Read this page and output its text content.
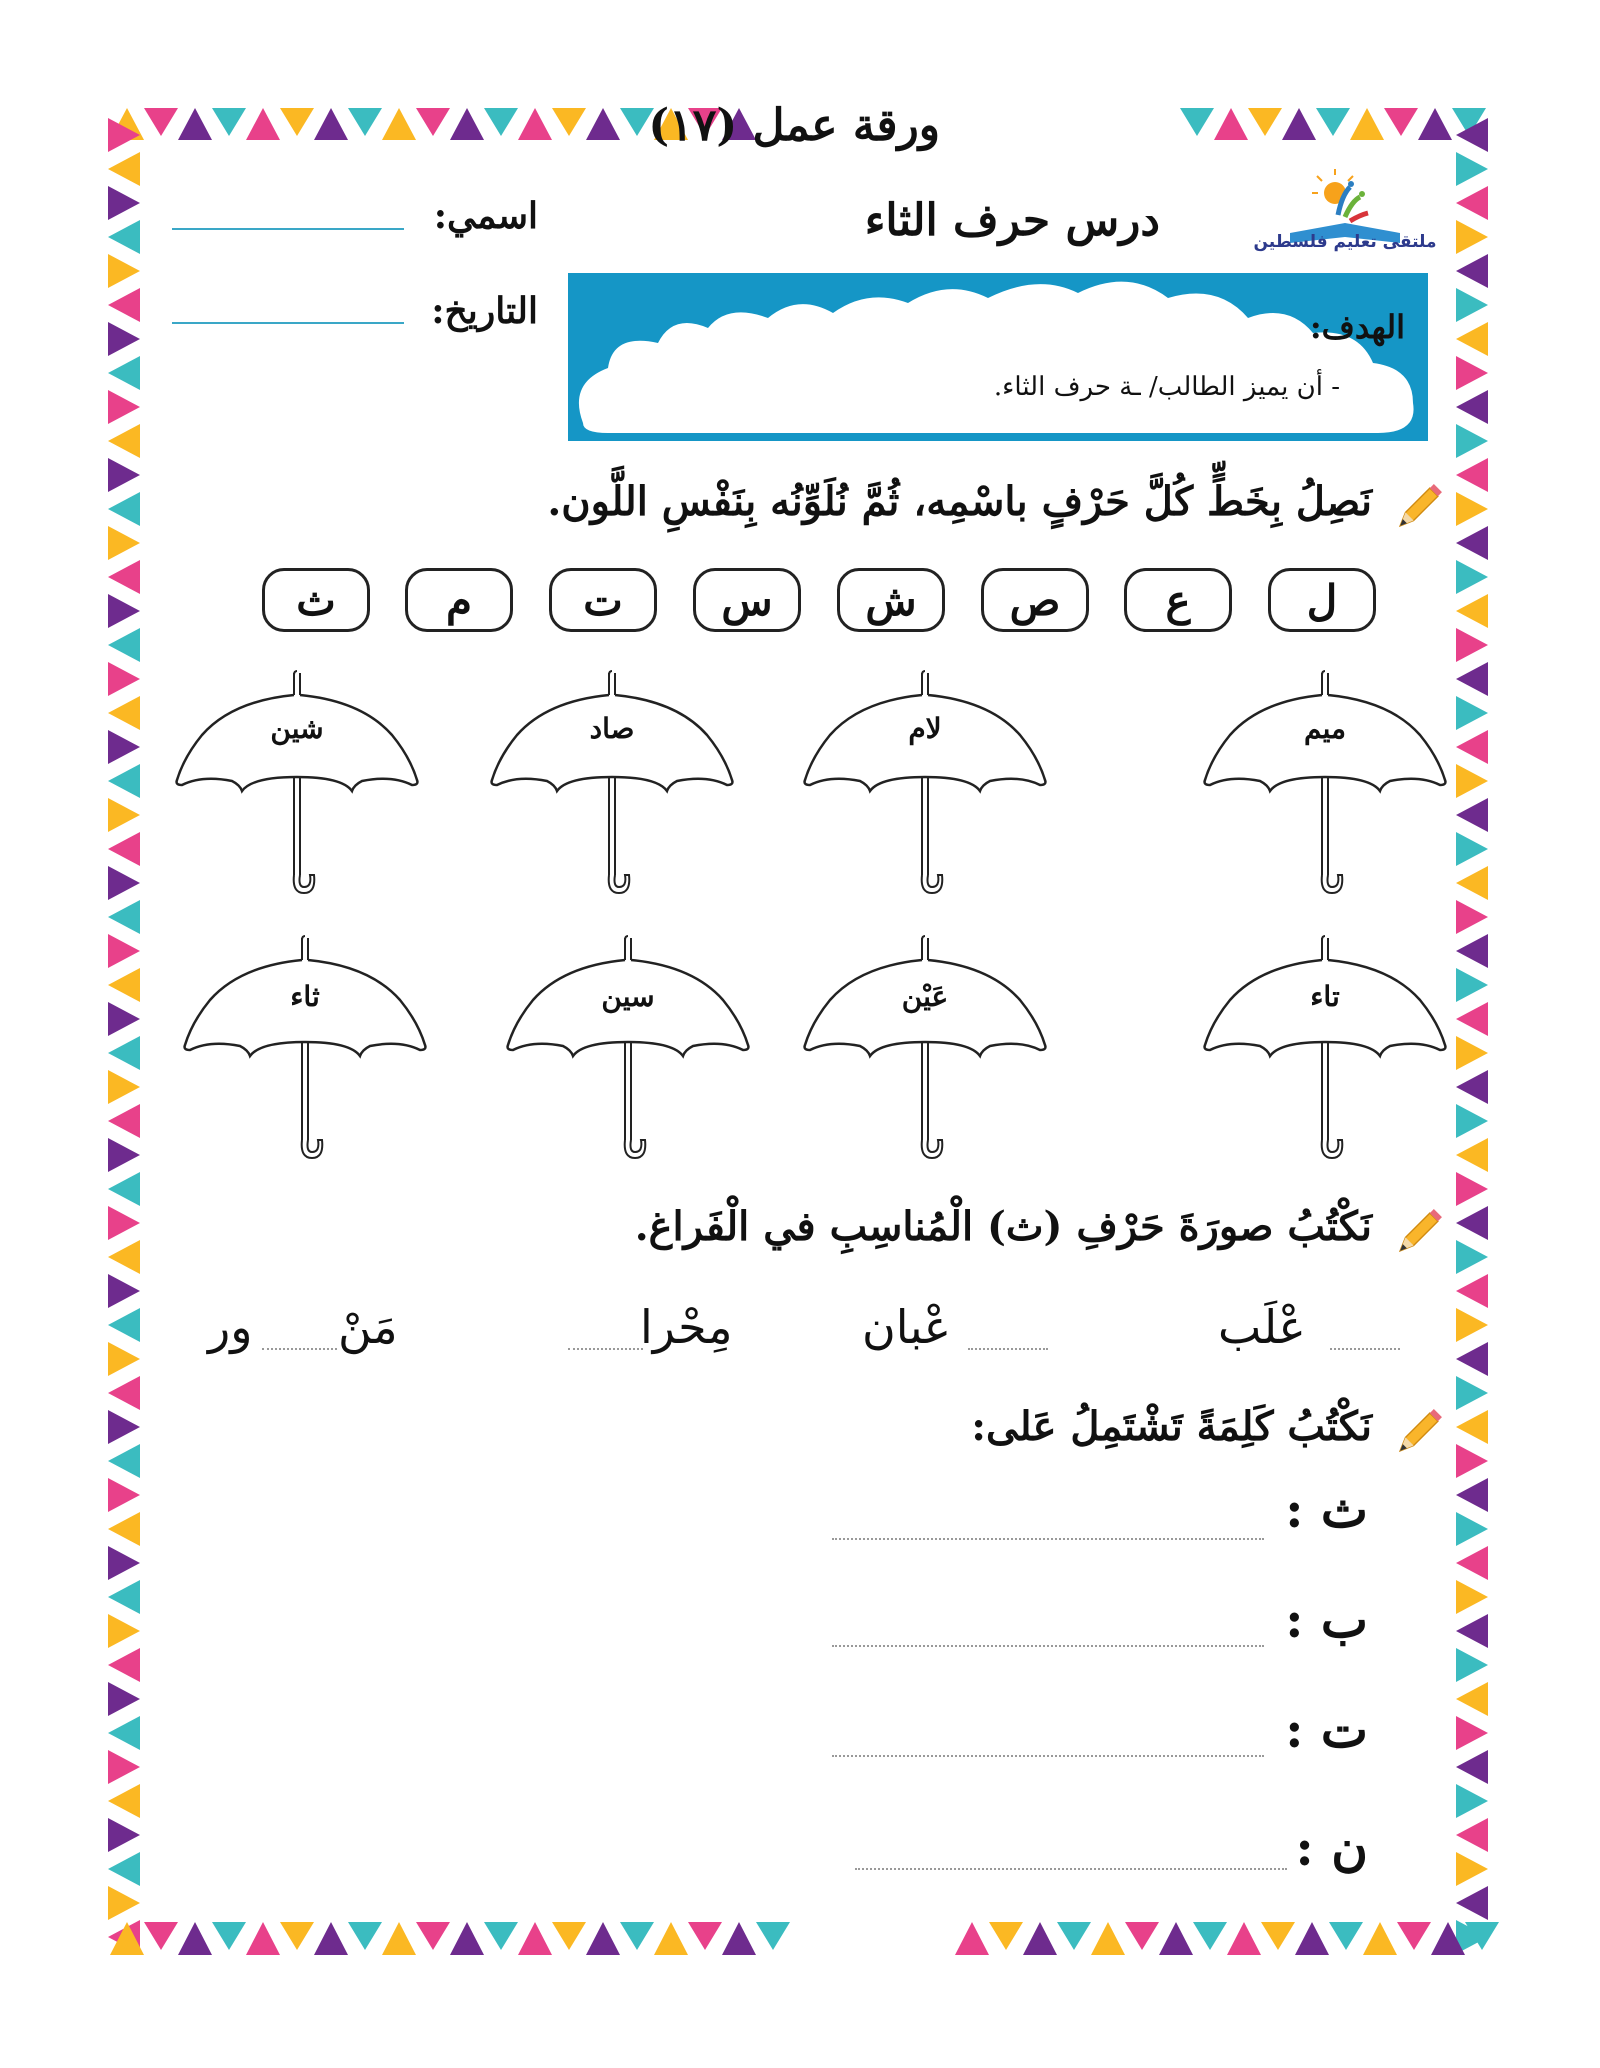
ورقة عمل (١٧)
درس حرف الثاء
اسمي:
التاريخ:
ملتقى تعليم فلسطين
الهدف:
- أن يميز الطالب/ ـة حرف الثاء.
نَصِلُ بِخَطٍّ كُلَّ حَرْفٍ باسْمِه، ثُمَّ نُلَوِّنُه بِنَفْسِ اللَّون.
ل
ع
ص
ش
س
ت
م
ث
ميم
لام
صاد
شين
تاء
عَيْن
سين
ثاء
نَكْتُبُ صورَةَ حَرْفِ (ث) الْمُناسِبِ في الْفَراغ.
عْلَب
عْبان
مِحْرا
مَنْ
ور
نَكْتُبُ كَلِمَةً تَشْتَمِلُ عَلى:
ث :
ب :
ت :
ن :
